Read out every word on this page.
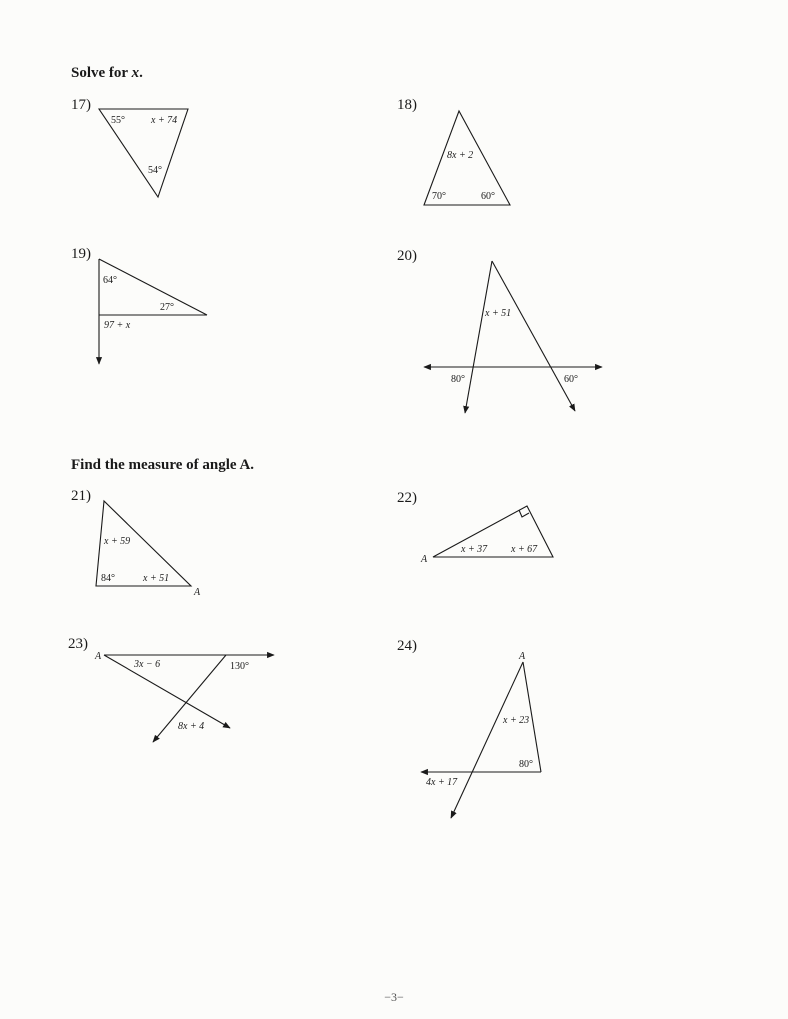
Solve for x.
Find the measure of angle A.
17)	18)
19)	20)
21)	22)
23)	24)
55°	x + 74
54°
8x + 2
70°	60°
64°
27°
97 + x
x + 51
80°	60°
x + 59
84°	x + 51
A
x + 37 x + 67
A
A
3x − 6	130°
8x + 4
A
x + 23
80°
4x + 17
−3−
